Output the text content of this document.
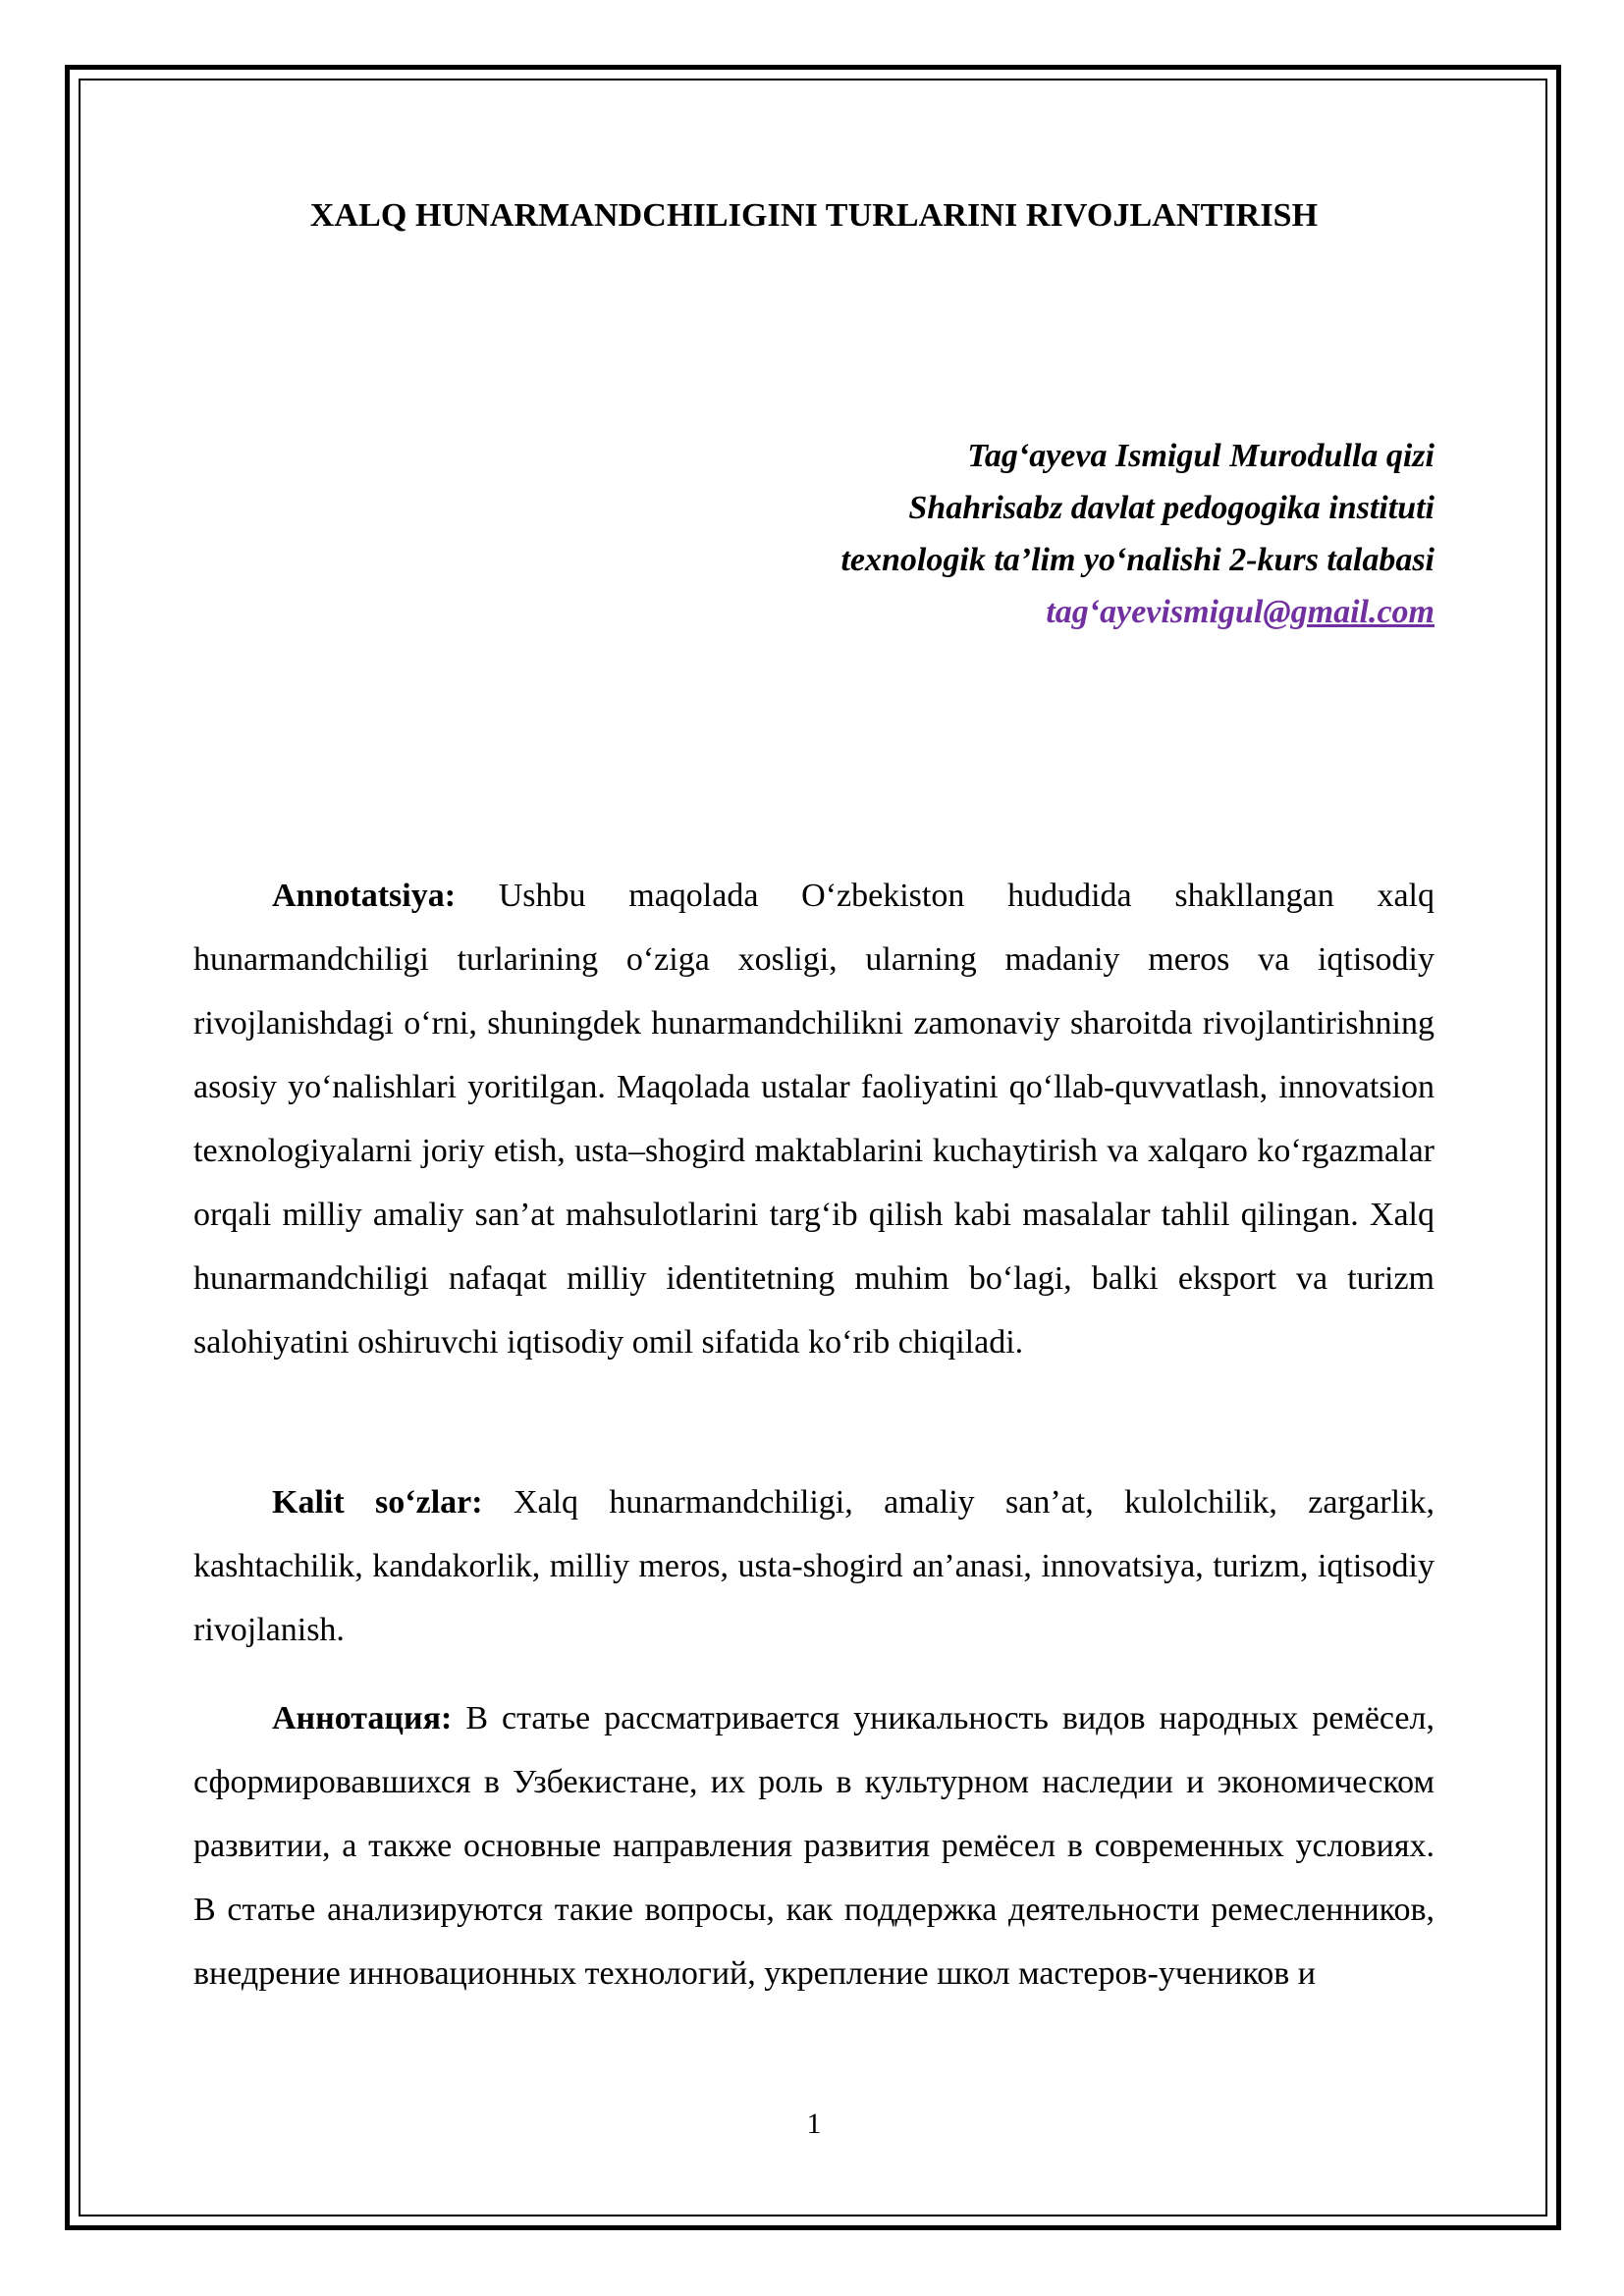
XALQ HUNARMANDCHILIGINI TURLARINI RIVOJLANTIRISH
Tag‘ayeva Ismigul Murodulla qizi
Shahrisabz davlat pedogogika instituti
texnologik ta’lim yo‘nalishi 2-kurs talabasi
tag‘ayevismigul@gmail.com

Annotatsiya: Ushbu maqolada O‘zbekiston hududida shakllangan xalq hunarmandchiligi turlarining o‘ziga xosligi, ularning madaniy meros va iqtisodiy rivojlanishdagi o‘rni, shuningdek hunarmandchilikni zamonaviy sharoitda rivojlantirishning asosiy yo‘nalishlari yoritilgan. Maqolada ustalar faoliyatini qo‘llab-quvvatlash, innovatsion texnologiyalarni joriy etish, usta–shogird maktablarini kuchaytirish va xalqaro ko‘rgazmalar orqali milliy amaliy san’at mahsulotlarini targ‘ib qilish kabi masalalar tahlil qilingan. Xalq hunarmandchiligi nafaqat milliy identitetning muhim bo‘lagi, balki eksport va turizm salohiyatini oshiruvchi iqtisodiy omil sifatida ko‘rib chiqiladi.

Kalit so‘zlar: Xalq hunarmandchiligi, amaliy san’at, kulolchilik, zargarlik, kashtachilik, kandakorlik, milliy meros, usta-shogird an’anasi, innovatsiya, turizm, iqtisodiy rivojlanish.

Аннотация: В статье рассматривается уникальность видов народных ремёсел, сформировавшихся в Узбекистане, их роль в культурном наследии и экономическом развитии, а также основные направления развития ремёсел в современных условиях. В статье анализируются такие вопросы, как поддержка деятельности ремесленников, внедрение инновационных технологий, укрепление школ мастеров-учеников и

1
